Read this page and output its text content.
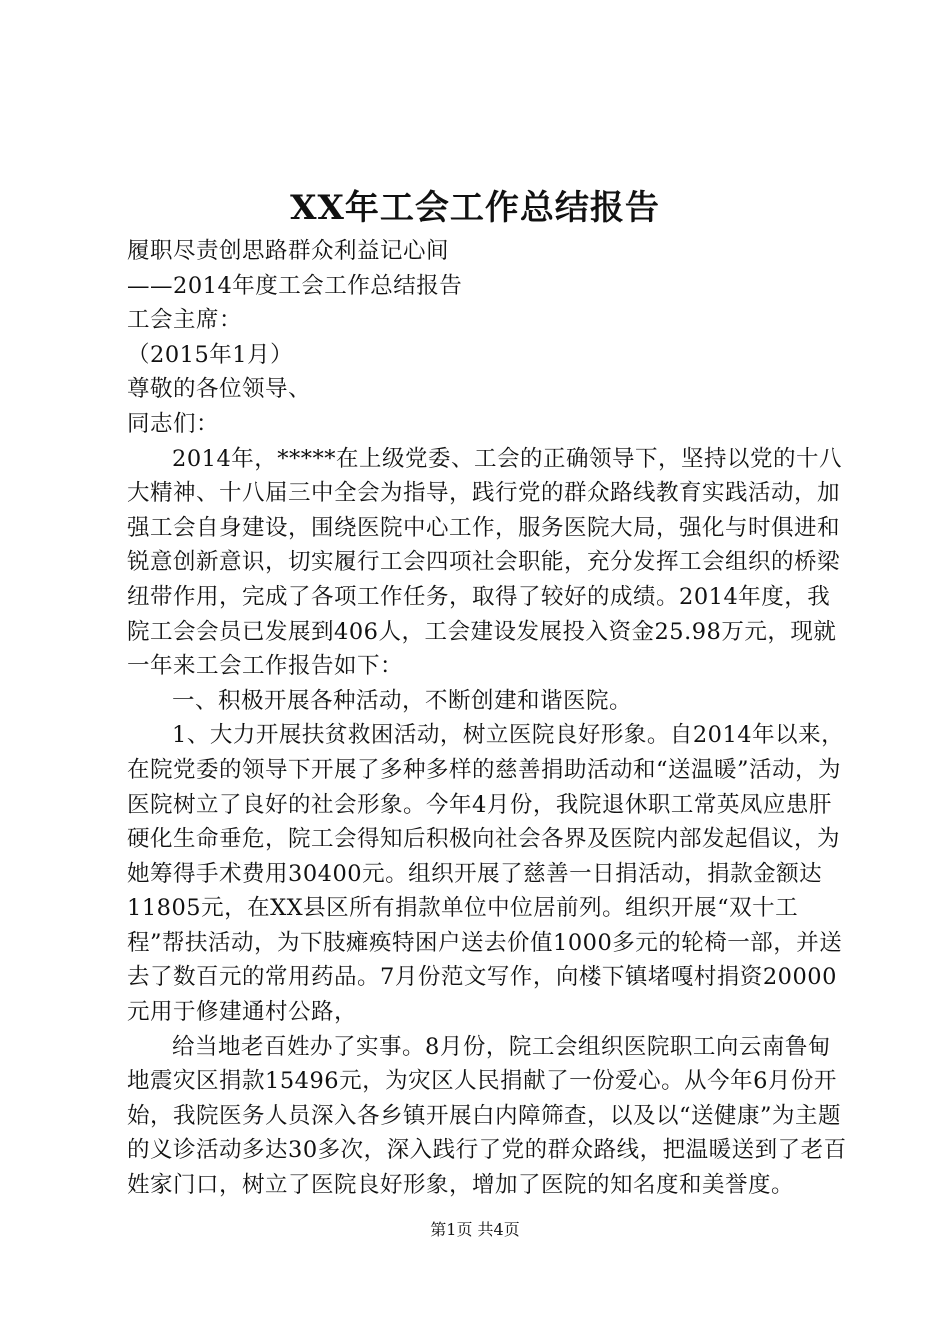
XX年工会工作总结报告

履职尽责创思路群众利益记心间

——2014年度工会工作总结报告

工会主席：

（2015年1月）

尊敬的各位领导、

同志们：

2014年，*****在上级党委、工会的正确领导下，坚持以党的十八大精神、十八届三中全会为指导，践行党的群众路线教育实践活动，加强工会自身建设，围绕医院中心工作，服务医院大局，强化与时俱进和锐意创新意识，切实履行工会四项社会职能，充分发挥工会组织的桥梁纽带作用，完成了各项工作任务，取得了较好的成绩。2014年度，我院工会会员已发展到406人，工会建设发展投入资金25.98万元，现就一年来工会工作报告如下：

一、积极开展各种活动，不断创建和谐医院。

1、大力开展扶贫救困活动，树立医院良好形象。自2014年以来，在院党委的领导下开展了多种多样的慈善捐助活动和“送温暖”活动，为医院树立了良好的社会形象。今年4月份，我院退休职工常英凤应患肝硬化生命垂危，院工会得知后积极向社会各界及医院内部发起倡议，为她筹得手术费用30400元。组织开展了慈善一日捐活动，捐款金额达11805元，在XX县区所有捐款单位中位居前列。组织开展“双十工程”帮扶活动，为下肢瘫痪特困户送去价值1000多元的轮椅一部，并送去了数百元的常用药品。7月份范文写作，向楼下镇堵嘎村捐资20000元用于修建通村公路，

给当地老百姓办了实事。8月份，院工会组织医院职工向云南鲁甸地震灾区捐款15496元，为灾区人民捐献了一份爱心。从今年6月份开始，我院医务人员深入各乡镇开展白内障筛查，以及以“送健康”为主题的义诊活动多达30多次，深入践行了党的群众路线，把温暖送到了老百姓家门口，树立了医院良好形象，增加了医院的知名度和美誉度。

第1页 共4页
